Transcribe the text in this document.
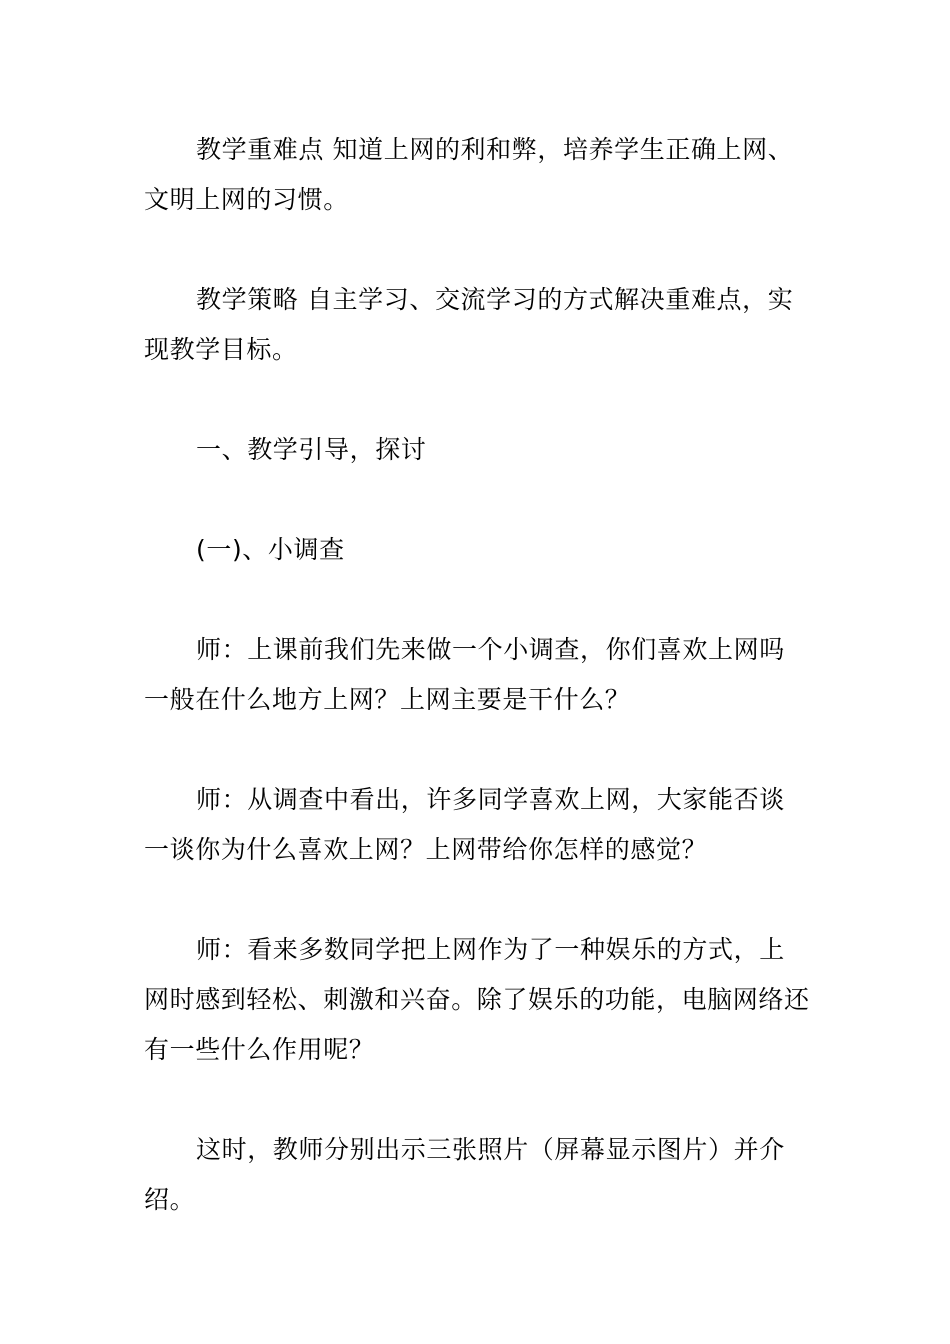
教学重难点 知道上网的利和弊，培养学生正确上网、文明上网的习惯。

教学策略 自主学习、交流学习的方式解决重难点，实现教学目标。

一、教学引导，探讨

(一)、小调查

师：上课前我们先来做一个小调查，你们喜欢上网吗一般在什么地方上网？上网主要是干什么？

师：从调查中看出，许多同学喜欢上网，大家能否谈一谈你为什么喜欢上网？上网带给你怎样的感觉？

师：看来多数同学把上网作为了一种娱乐的方式，上网时感到轻松、刺激和兴奋。除了娱乐的功能，电脑网络还有一些什么作用呢？

这时，教师分别出示三张照片（屏幕显示图片）并介绍。
